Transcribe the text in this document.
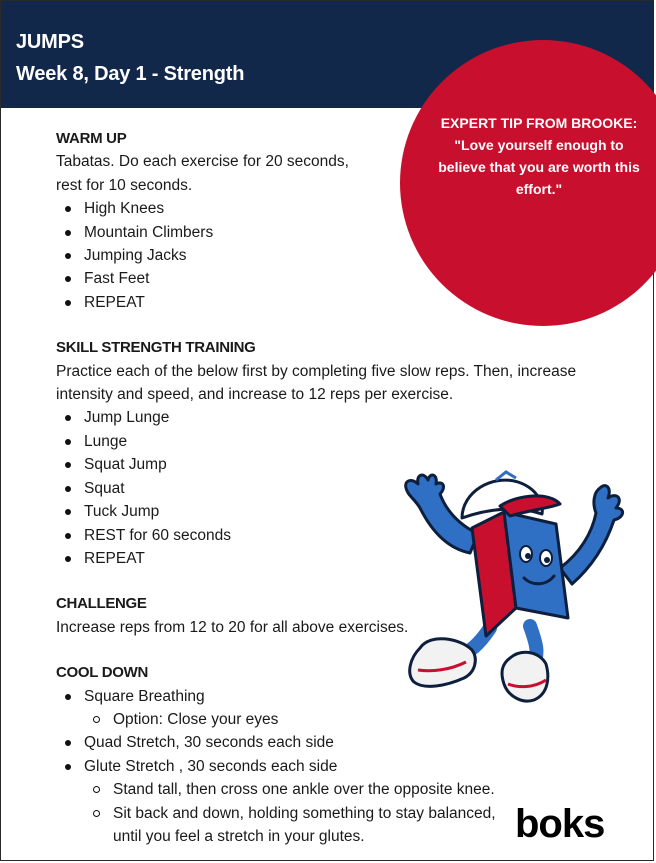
JUMPS
Week 8, Day 1 - Strength
EXPERT TIP FROM BROOKE:
"Love yourself enough to believe that you are worth this effort."
WARM UP

Tabatas. Do each exercise for 20 seconds, rest for 10 seconds.

High Knees
Mountain Climbers
Jumping Jacks
Fast Feet
REPEAT
SKILL STRENGTH TRAINING

Practice each of the below first by completing five slow reps. Then, increase intensity and speed, and increase to 12 reps per exercise.

Jump Lunge
Lunge
Squat Jump
Squat
Tuck Jump
REST for 60 seconds
REPEAT
CHALLENGE

Increase reps from 12 to 20 for all above exercises.

COOL DOWN
Square Breathing
Option: Close your eyes
Quad Stretch, 30 seconds each side
Glute Stretch , 30 seconds each side
Stand tall, then cross one ankle over the opposite knee.
Sit back and down, holding something to stay balanced, until you feel a stretch in your glutes.	boks
